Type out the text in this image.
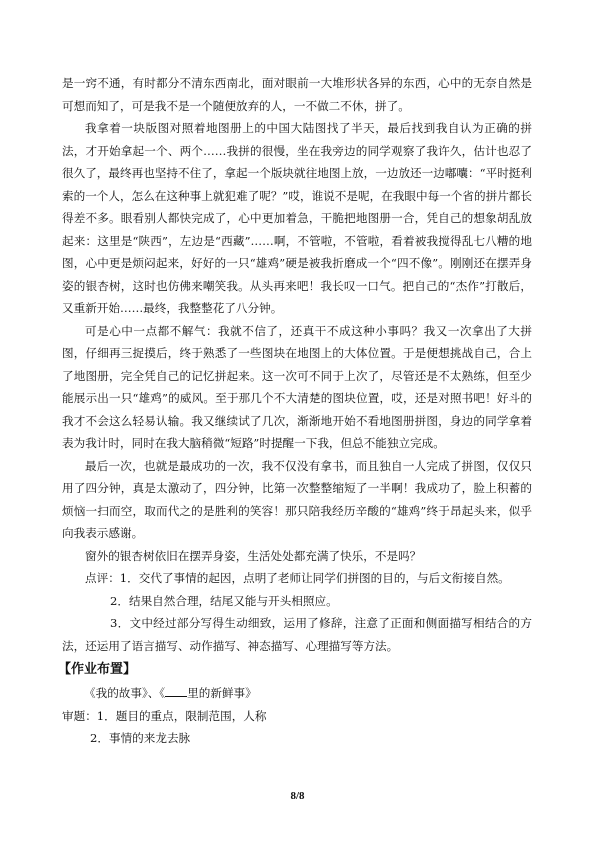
是一窍不通，有时都分不清东西南北，面对眼前一大堆形状各异的东西，心中的无奈自然是可想而知了，可是我不是一个随便放弃的人，一不做二不休，拼了。

我拿着一块版图对照着地图册上的中国大陆图找了半天，最后找到我自认为正确的拼法，才开始拿起一个、两个……我拼的很慢，坐在我旁边的同学观察了我许久，估计也忍了很久了，最终再也坚持不住了，拿起一个版块就往地图上放，一边放还一边嘟囔：“平时挺利索的一个人，怎么在这种事上就犯难了呢？”哎，谁说不是呢，在我眼中每一个省的拼片都长得差不多。眼看别人都快完成了，心中更加着急，干脆把地图册一合，凭自己的想象胡乱放起来：这里是“陕西”，左边是“西藏”……啊，不管啦，不管啦，看着被我搅得乱七八糟的地图，心中更是烦闷起来，好好的一只“雄鸡”硬是被我折磨成一个“四不像”。刚刚还在摆弄身姿的银杏树，这时也仿佛来嘲笑我。从头再来吧！我长叹一口气。把自己的“杰作”打散后，又重新开始……最终，我整整花了八分钟。

可是心中一点都不解气：我就不信了，还真干不成这种小事吗？我又一次拿出了大拼图，仔细再三捉摸后，终于熟悉了一些图块在地图上的大体位置。于是便想挑战自己，合上了地图册，完全凭自己的记忆拼起来。这一次可不同于上次了，尽管还是不太熟练，但至少能展示出一只“雄鸡”的威风。至于那几个不大清楚的图块位置，哎，还是对照书吧！好斗的我才不会这么轻易认输。我又继续试了几次，渐渐地开始不看地图册拼图，身边的同学拿着表为我计时，同时在我大脑稍微“短路”时提醒一下我，但总不能独立完成。

最后一次，也就是最成功的一次，我不仅没有拿书，而且独自一人完成了拼图，仅仅只用了四分钟，真是太激动了，四分钟，比第一次整整缩短了一半啊！我成功了，脸上积蓄的烦恼一扫而空，取而代之的是胜利的笑容！那只陪我经历辛酸的“雄鸡”终于昂起头来，似乎向我表示感谢。

窗外的银杏树依旧在摆弄身姿，生活处处都充满了快乐，不是吗？

点评：1．交代了事情的起因，点明了老师让同学们拼图的目的，与后文衔接自然。

2．结果自然合理，结尾又能与开头相照应。

3．文中经过部分写得生动细致，运用了修辞，注意了正面和侧面描写相结合的方法，还运用了语言描写、动作描写、神态描写、心理描写等方法。

【作业布置】

《我的故事》、《 里的新鲜事》

审题：1．题目的重点，限制范围，人称

2．事情的来龙去脉

8/8
